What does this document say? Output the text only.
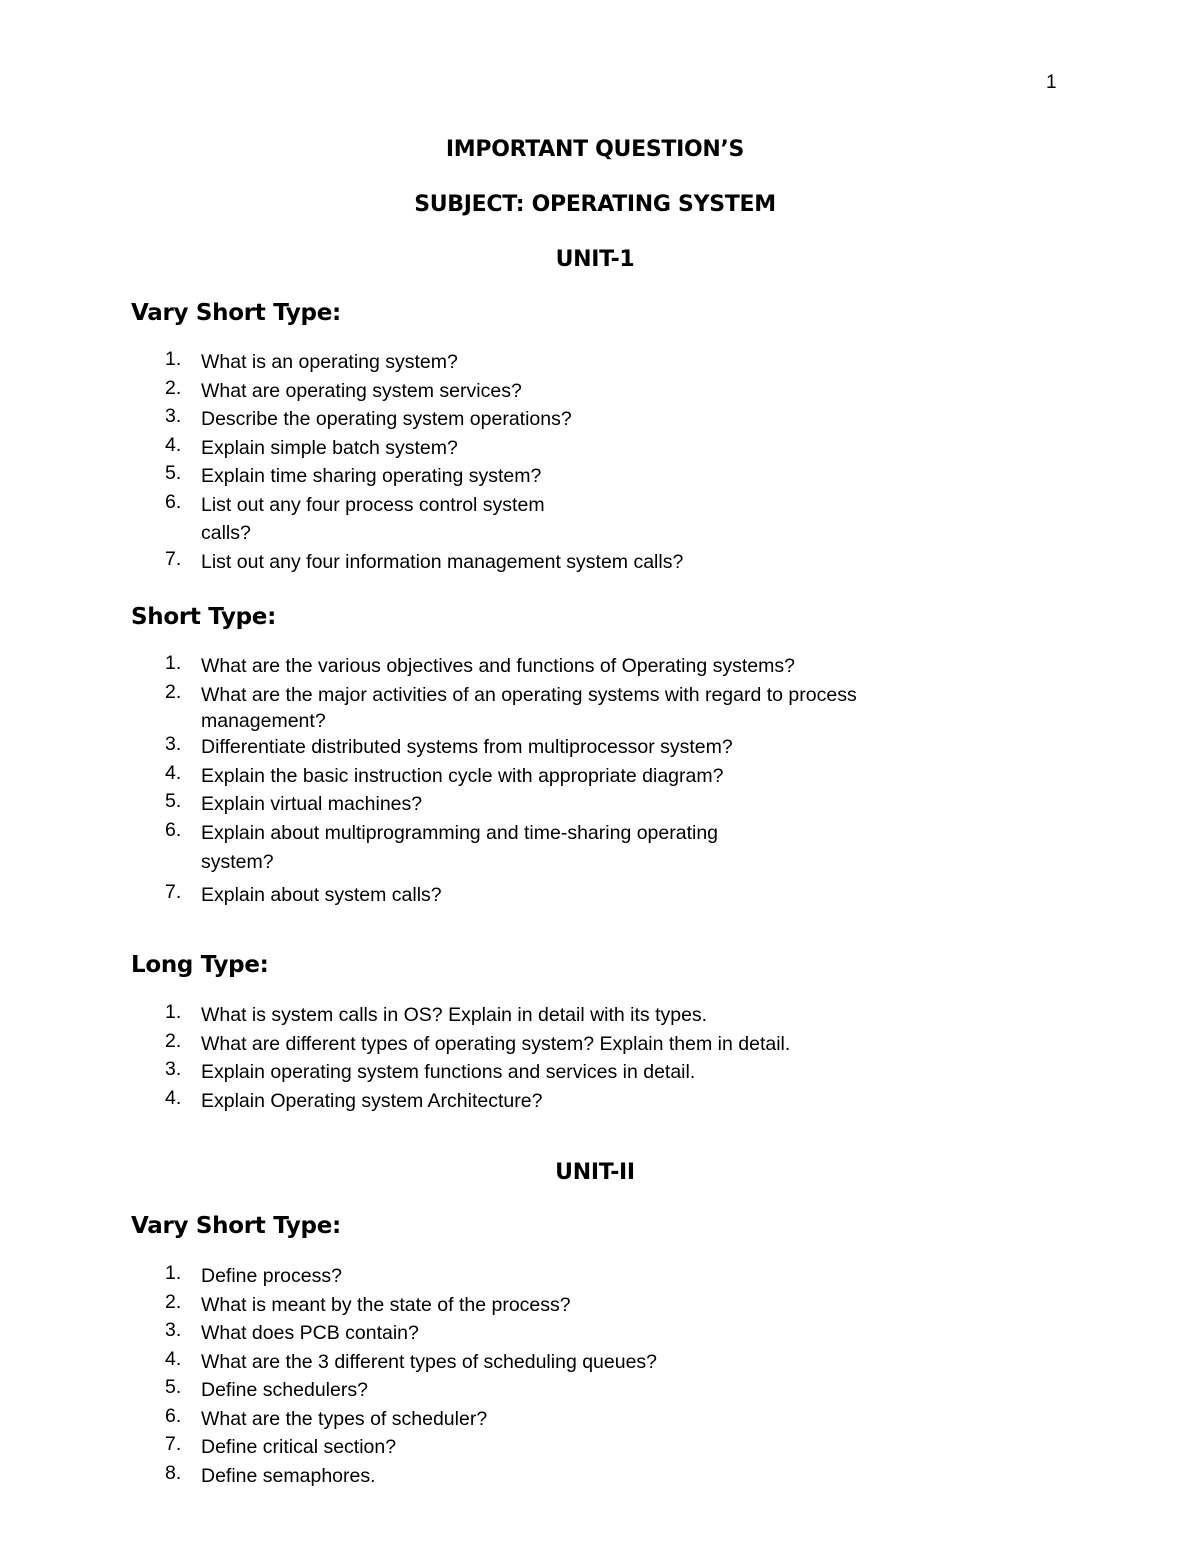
1
IMPORTANT QUESTION’S
SUBJECT: OPERATING SYSTEM
UNIT-1
Vary Short Type:
1.	What is an operating system?
2.	What are operating system services?
3.	Describe the operating system operations?
4.	Explain simple batch system?
5.	Explain time sharing operating system?
6.	List out any four process control system
calls?
7.	List out any four information management system calls?
Short Type:
1.	What are the various objectives and functions of Operating systems?
2.	What are the major activities of an operating systems with regard to process
management?
3.	Differentiate distributed systems from multiprocessor system?
4.	Explain the basic instruction cycle with appropriate diagram?
5.	Explain virtual machines?
6.	Explain about multiprogramming and time-sharing operating
system?
7.	Explain about system calls?
Long Type:
1.	What is system calls in OS? Explain in detail with its types.
2.	What are different types of operating system? Explain them in detail.
3.	Explain operating system functions and services in detail.
4.	Explain Operating system Architecture?
UNIT-II
Vary Short Type:
1.	Define process?
2.	What is meant by the state of the process?
3.	What does PCB contain?
4.	What are the 3 different types of scheduling queues?
5.	Define schedulers?
6.	What are the types of scheduler?
7.	Define critical section?
8.	Define semaphores.
